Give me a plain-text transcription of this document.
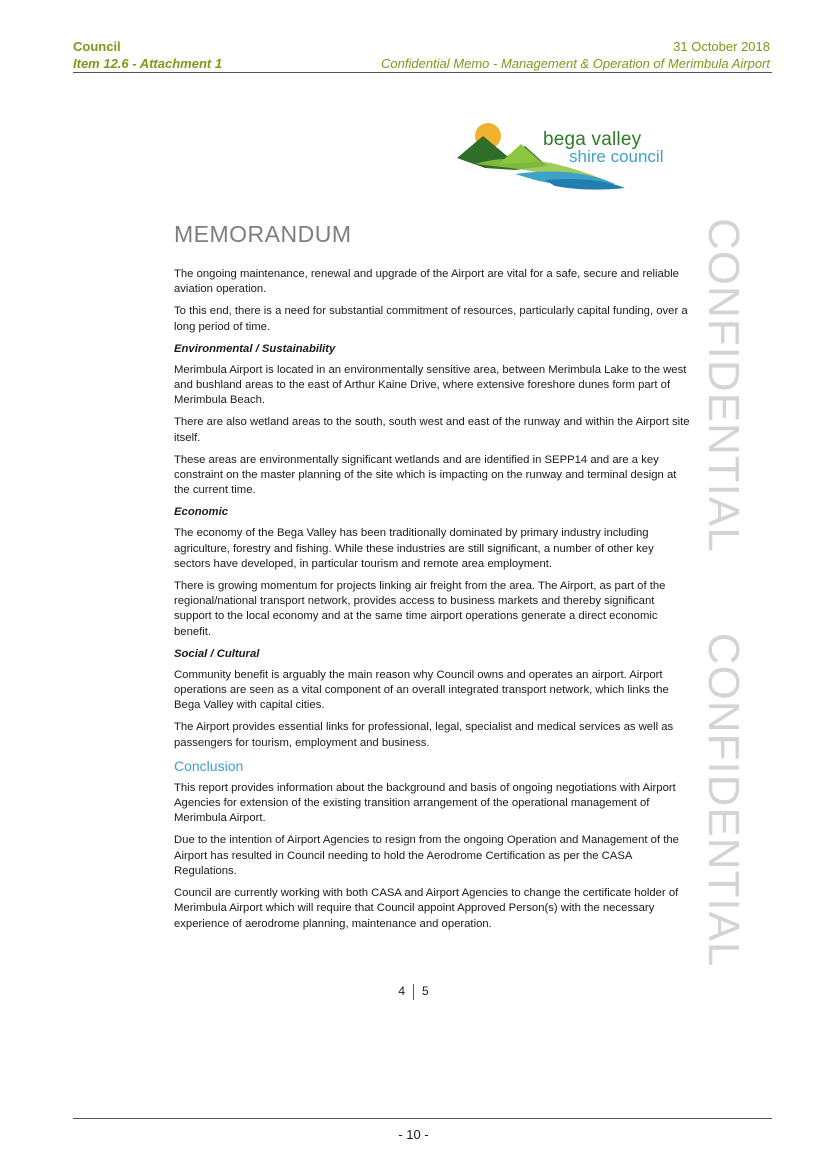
Council
Item 12.6 - Attachment 1
31 October 2018
Confidential Memo - Management & Operation of Merimbula Airport
bega valley
shire council
CONFIDENTIALCONFIDENTIAL
MEMORANDUM

The ongoing maintenance, renewal and upgrade of the Airport are vital for a safe, secure and reliable aviation operation.

To this end, there is a need for substantial commitment of resources, particularly capital funding, over a long period of time.

Environmental / Sustainability

Merimbula Airport is located in an environmentally sensitive area, between Merimbula Lake to the west and bushland areas to the east of Arthur Kaine Drive, where extensive foreshore dunes form part of Merimbula Beach.

There are also wetland areas to the south, south west and east of the runway and within the Airport site itself.

These areas are environmentally significant wetlands and are identified in SEPP14 and are a key constraint on the master planning of the site which is impacting on the runway and terminal design at the current time.

Economic

The economy of the Bega Valley has been traditionally dominated by primary industry including agriculture, forestry and fishing. While these industries are still significant, a number of other key sectors have developed, in particular tourism and remote area employment.

There is growing momentum for projects linking air freight from the area. The Airport, as part of the regional/national transport network, provides access to business markets and thereby significant support to the local economy and at the same time airport operations generate a direct economic benefit.

Social / Cultural

Community benefit is arguably the main reason why Council owns and operates an airport. Airport operations are seen as a vital component of an overall integrated transport network, which links the Bega Valley with capital cities.

The Airport provides essential links for professional, legal, specialist and medical services as well as passengers for tourism, employment and business.

Conclusion

This report provides information about the background and basis of ongoing negotiations with Airport Agencies for extension of the existing transition arrangement of the operational management of Merimbula Airport.

Due to the intention of Airport Agencies to resign from the ongoing Operation and Management of the Airport has resulted in Council needing to hold the Aerodrome Certification as per the CASA Regulations.

Council are currently working with both CASA and Airport Agencies to change the certificate holder of Merimbula Airport which will require that Council appoint Approved Person(s) with the necessary experience of aerodrome planning, maintenance and operation.

4 5
- 10 -
